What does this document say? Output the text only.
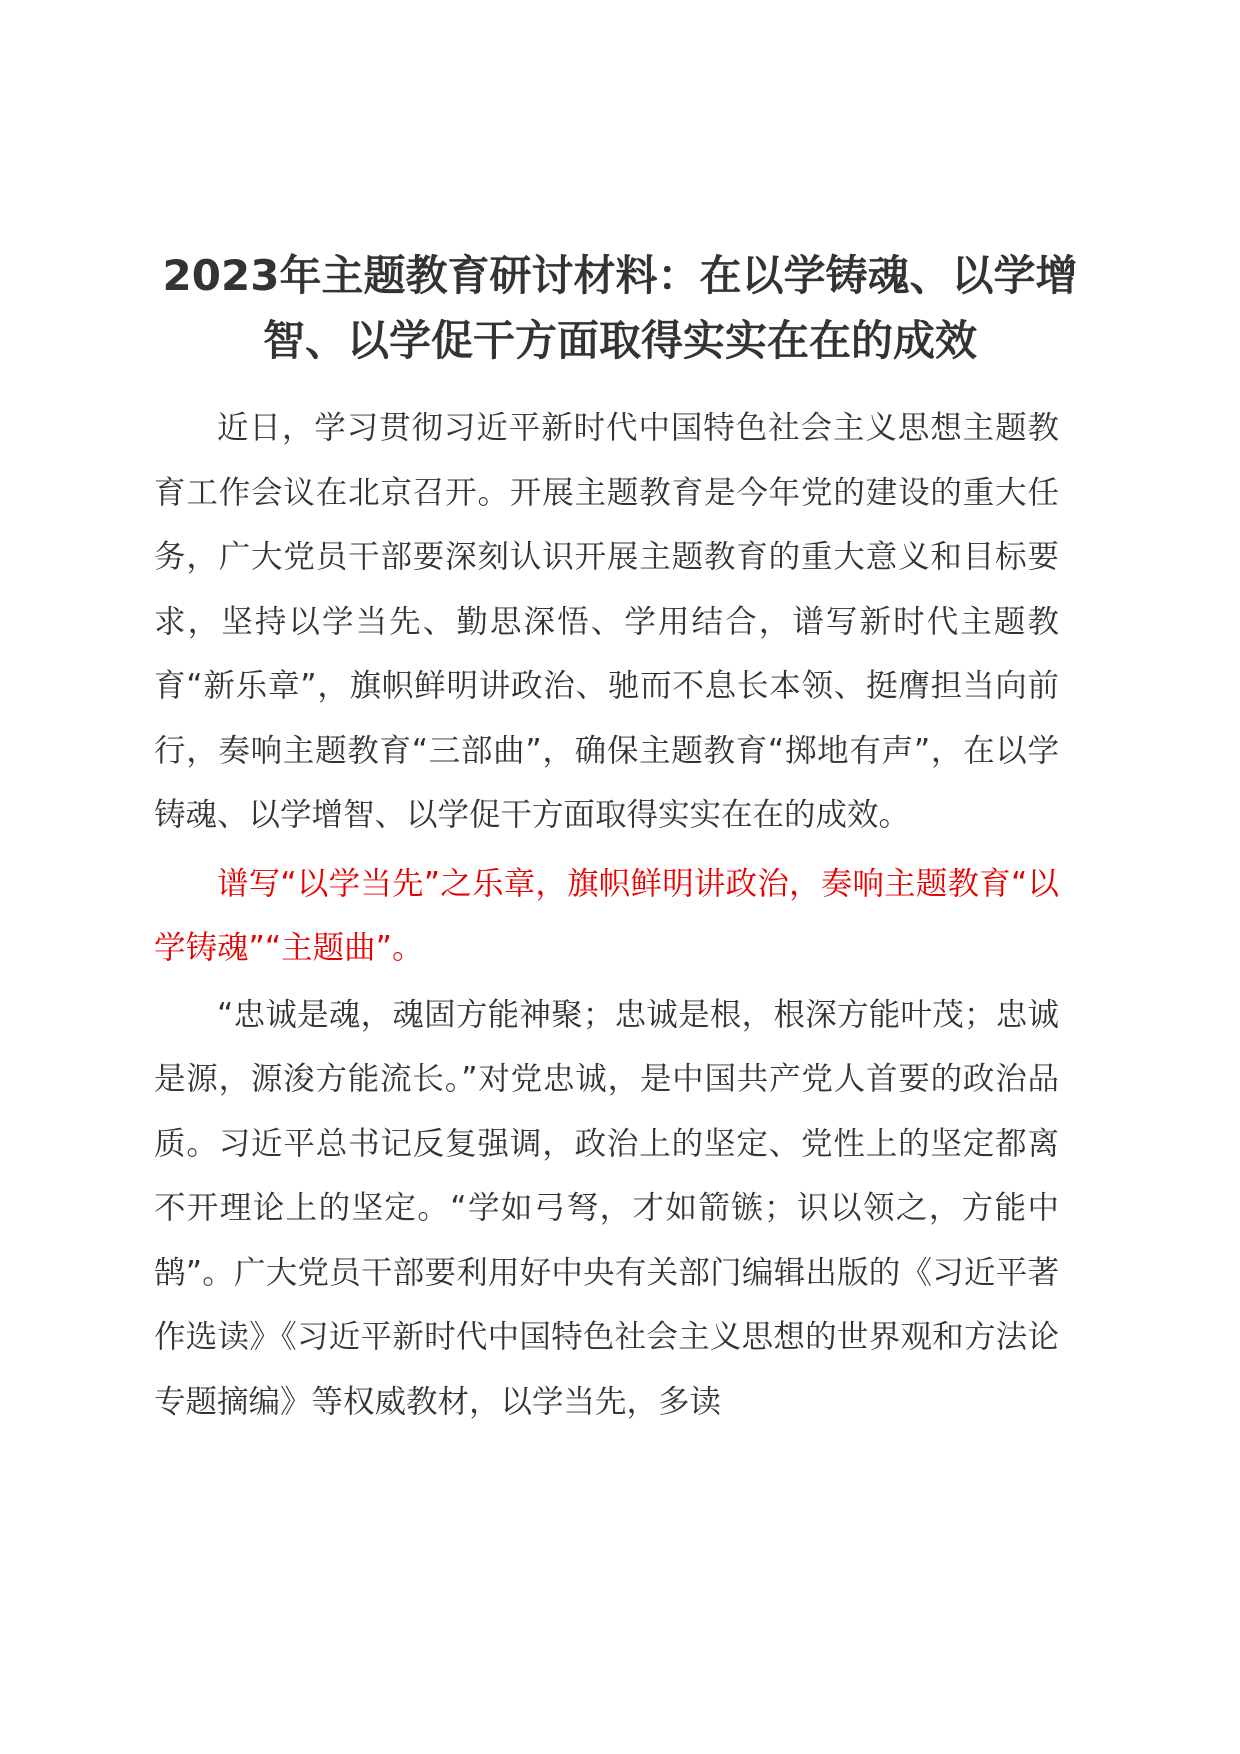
2023年主题教育研讨材料：在以学铸魂、以学增智、以学促干方面取得实实在在的成效

近日，学习贯彻习近平新时代中国特色社会主义思想主题教育工作会议在北京召开。开展主题教育是今年党的建设的重大任务，广大党员干部要深刻认识开展主题教育的重大意义和目标要求，坚持以学当先、勤思深悟、学用结合，谱写新时代主题教育“新乐章”，旗帜鲜明讲政治、驰而不息长本领、挺膺担当向前行，奏响主题教育“三部曲”，确保主题教育“掷地有声”，在以学铸魂、以学增智、以学促干方面取得实实在在的成效。

谱写“以学当先”之乐章，旗帜鲜明讲政治，奏响主题教育“以学铸魂”“主题曲”。

“忠诚是魂，魂固方能神聚；忠诚是根，根深方能叶茂；忠诚是源，源浚方能流长。”对党忠诚，是中国共产党人首要的政治品质。习近平总书记反复强调，政治上的坚定、党性上的坚定都离不开理论上的坚定。“学如弓弩，才如箭镞；识以领之，方能中鹄”。广大党员干部要利用好中央有关部门编辑出版的《习近平著作选读》《习近平新时代中国特色社会主义思想的世界观和方法论专题摘编》等权威教材，以学当先，多读
